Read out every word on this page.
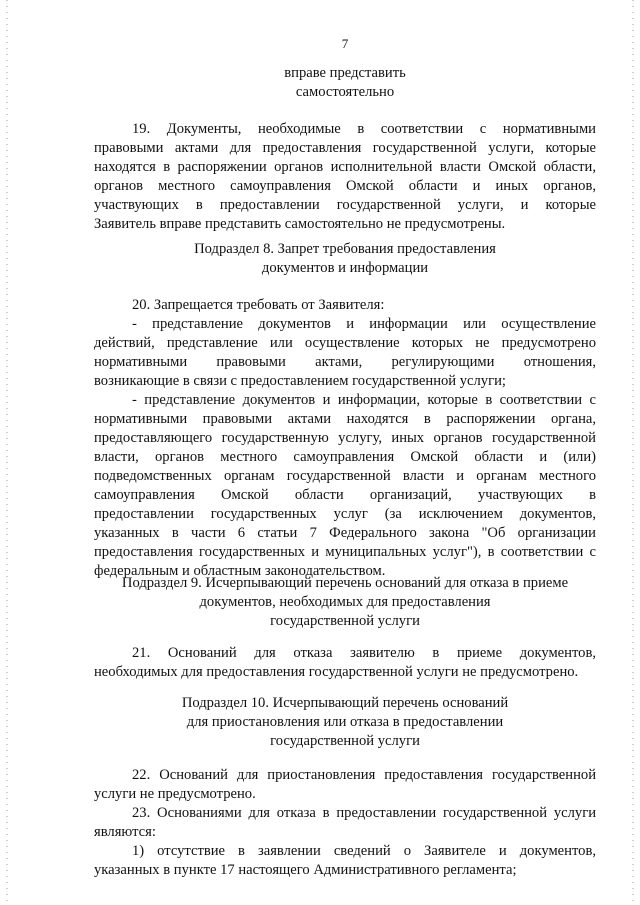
7
вправе представить
самостоятельно
19. Документы, необходимые в соответствии с нормативными
правовыми актами для предоставления государственной услуги, которые
находятся в распоряжении органов исполнительной власти Омской области,
органов местного самоуправления Омской области и иных органов,
участвующих в предоставлении государственной услуги, и которые
Заявитель вправе представить самостоятельно не предусмотрены.
Подраздел 8. Запрет требования предоставления
документов и информации
20. Запрещается требовать от Заявителя:
- представление документов и информации или осуществление
действий, представление или осуществление которых не предусмотрено
нормативными правовыми актами, регулирующими отношения,
возникающие в связи с предоставлением государственной услуги;
- представление документов и информации, которые в соответствии с
нормативными правовыми актами находятся в распоряжении органа,
предоставляющего государственную услугу, иных органов государственной
власти, органов местного самоуправления Омской области и (или)
подведомственных органам государственной власти и органам местного
самоуправления Омской области организаций, участвующих в
предоставлении государственных услуг (за исключением документов,
указанных в части 6 статьи 7 Федерального закона "Об организации
предоставления государственных и муниципальных услуг"), в соответствии с
федеральным и областным законодательством.
Подраздел 9. Исчерпывающий перечень оснований для отказа в приеме
документов, необходимых для предоставления
государственной услуги
21. Оснований для отказа заявителю в приеме документов,
необходимых для предоставления государственной услуги не предусмотрено.
Подраздел 10. Исчерпывающий перечень оснований
для приостановления или отказа в предоставлении
государственной услуги
22. Оснований для приостановления предоставления государственной
услуги не предусмотрено.
23. Основаниями для отказа в предоставлении государственной услуги
являются:
1) отсутствие в заявлении сведений о Заявителе и документов,
указанных в пункте 17 настоящего Административного регламента;
